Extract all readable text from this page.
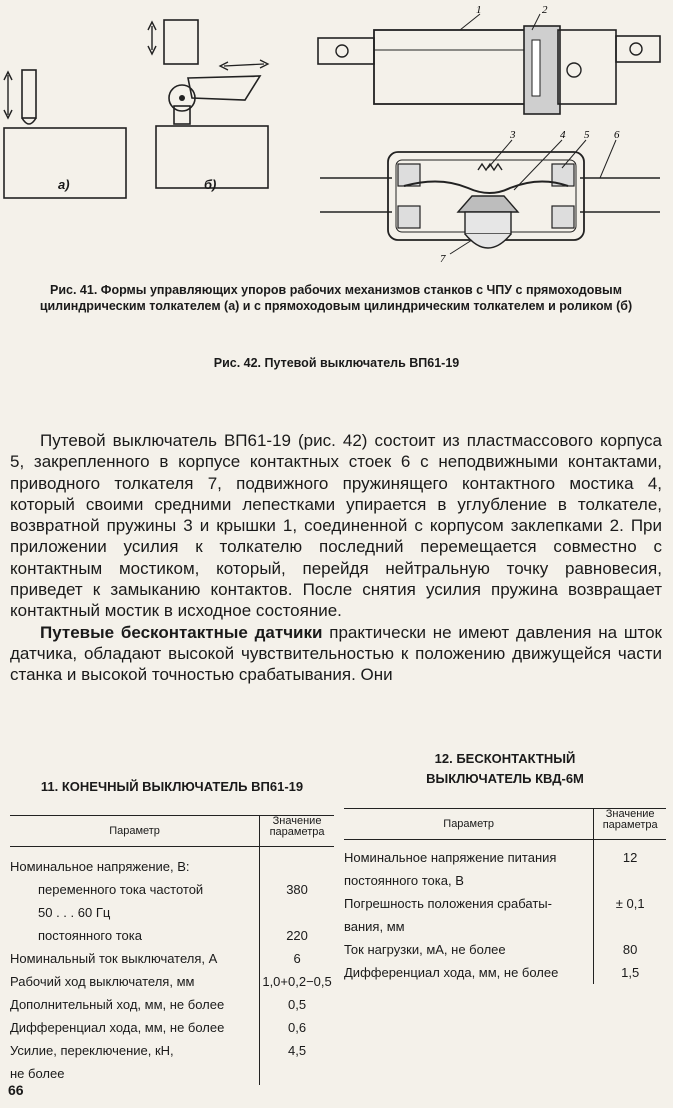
а)	б)
1	2
3	4 5 6
7
Рис. 41. Формы управляющих упоров рабочих механизмов станков с ЧПУ с прямоходовым цилиндрическим толкателем (а) и с прямоходовым цилиндрическим толкателем и роликом (б)
Рис. 42. Путевой выключатель ВП61-19

Путевой выключатель ВП61-19 (рис. 42) состоит из пластмассового корпуса 5, закрепленного в корпусе контактных стоек 6 с неподвижными контактами, приводного толкателя 7, подвижного пружинящего контактного мостика 4, который своими средними лепестками упирается в углубление в толкателе, возвратной пружины 3 и крышки 1, соединенной с корпусом заклепками 2. При приложении усилия к толкателю последний перемещается совместно с контактным мостиком, который, перейдя нейтральную точку равновесия, приведет к замыканию контактов. После снятия усилия пружина возвращает контактный мостик в исходное состояние.

Путевые бесконтактные датчики практически не имеют давления на шток датчика, обладают высокой чувствительностью к положению движущейся части станка и высокой точностью срабатывания. Они

11. КОНЕЧНЫЙ ВЫКЛЮЧАТЕЛЬ ВП61-19
Параметр	Значение параметра
Номинальное напряжение, В:	
переменного тока частотой	380
50 . . . 60 Гц	
постоянного тока	220
Номинальный ток выключателя, А	6
Рабочий ход выключателя, мм	1,0+0,2−0,5
Дополнительный ход, мм, не более	0,5
Дифференциал хода, мм, не более	0,6
Усилие, переключение, кН,	4,5
не более	
12. БЕСКОНТАКТНЫЙ
ВЫКЛЮЧАТЕЛЬ КВД-6М
Параметр	Значение параметра
Номинальное напряжение питания	12
постоянного тока, В	
Погрешность положения срабаты-	± 0,1
вания, мм	
Ток нагрузки, мА, не более	80
Дифференциал хода, мм, не более	1,5
66
